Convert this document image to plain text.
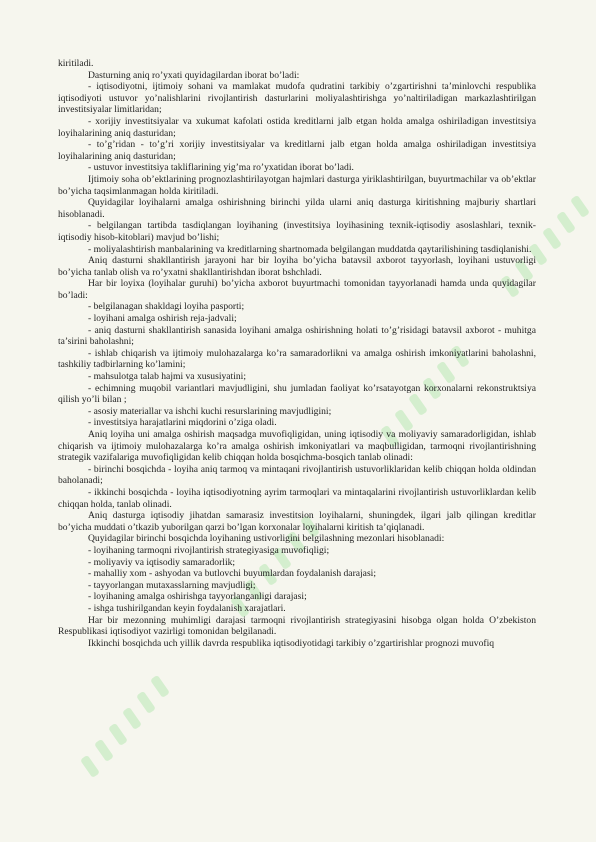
kiritiladi.

Dasturning aniq ro’yxati quyidagilardan iborat bo’ladi:

- iqtisodiyotni, ijtimoiy sohani va mamlakat mudofa qudratini tarkibiy o’zgartirishni ta’minlovchi respublika iqtisodiyoti ustuvor yo’nalishlarini rivojlantirish dasturlarini moliyalashtirishga yo’naltiriladigan markazlashtirilgan investitsiyalar limitlaridan;

- xorijiy investitsiyalar va xukumat kafolati ostida kreditlarni jalb etgan holda amalga oshiriladigan investitsiya loyihalarining aniq dasturidan;

- to’g’ridan - to’g’ri xorijiy investitsiyalar va kreditlarni jalb etgan holda amalga oshiriladigan investitsiya loyihalarining aniq dasturidan;

- ustuvor investitsiya takliflarining yig’ma ro’yxatidan iborat bo’ladi.

Ijtimoiy soha ob’ektlarining prognozlashtirilayotgan hajmlari dasturga yiriklashtirilgan, buyurtmachilar va ob’ektlar bo’yicha taqsimlanmagan holda kiritiladi.

Quyidagilar loyihalarni amalga oshirishning birinchi yilda ularni aniq dasturga kiritishning majburiy shartlari hisoblanadi.

- belgilangan tartibda tasdiqlangan loyihaning (investitsiya loyihasining texnik-iqtisodiy asoslashlari, texnik-iqtisodiy hisob-kitoblari) mavjud bo’lishi;

- moliyalashtirish manbalarining va kreditlarning shartnomada belgilangan muddatda qaytarilishining tasdiqlanishi.

Aniq dasturni shakllantirish jarayoni har bir loyiha bo’yicha batavsil axborot tayyorlash, loyihani ustuvorligi bo’yicha tanlab olish va ro’yxatni shakllantirishdan iborat bshchladi.

Har bir loyixa (loyihalar guruhi) bo’yicha axborot buyurtmachi tomonidan tayyorlanadi hamda unda quyidagilar bo’ladi:

- belgilanagan shakldagi loyiha pasporti;

- loyihani amalga oshirish reja-jadvali;

- aniq dasturni shakllantirish sanasida loyihani amalga oshirishning holati to’g’risidagi batavsil axborot - muhitga ta’sirini baholashni;

- ishlab chiqarish va ijtimoiy mulohazalarga ko’ra samaradorlikni va amalga oshirish imkoniyatlarini baholashni, tashkiliy tadbirlarning ko’lamini;

- mahsulotga talab hajmi va xususiyatini;

- echimning muqobil variantlari mavjudligini, shu jumladan faoliyat ko’rsatayotgan korxonalarni rekonstruktsiya qilish yo’li bilan ;

- asosiy materiallar va ishchi kuchi resurslarining mavjudligini;

- investitsiya harajatlarini miqdorini o’ziga oladi.

Aniq loyiha uni amalga oshirish maqsadga muvofiqligidan, uning iqtisodiy va moliyaviy samaradorligidan, ishlab chiqarish va ijtimoiy mulohazalarga ko’ra amalga oshirish imkoniyatlari va maqbulligidan, tarmoqni rivojlantirishning strategik vazifalariga muvofiqligidan kelib chiqqan holda bosqichma-bosqich tanlab olinadi:

- birinchi bosqichda - loyiha aniq tarmoq va mintaqani rivojlantirish ustuvorliklaridan kelib chiqqan holda oldindan baholanadi;

- ikkinchi bosqichda - loyiha iqtisodiyotning ayrim tarmoqlari va mintaqalarini rivojlantirish ustuvorliklardan kelib chiqqan holda, tanlab olinadi.

Aniq dasturga iqtisodiy jihatdan samarasiz investitsion loyihalarni, shuningdek, ilgari jalb qilingan kreditlar bo’yicha muddati o’tkazib yuborilgan qarzi bo’lgan korxonalar loyihalarni kiritish ta’qiqlanadi.

Quyidagilar birinchi bosqichda loyihaning ustivorligini belgilashning mezonlari hisoblanadi:

- loyihaning tarmoqni rivojlantirish strategiyasiga muvofiqligi;

- moliyaviy va iqtisodiy samaradorlik;

- mahalliy xom - ashyodan va butlovchi buyumlardan foydalanish darajasi;

- tayyorlangan mutaxasslarning mavjudligi;

- loyihaning amalga oshirishga tayyorlanganligi darajasi;

- ishga tushirilgandan keyin foydalanish xarajatlari.

Har bir mezonning muhimligi darajasi tarmoqni rivojlantirish strategiyasini hisobga olgan holda O’zbekiston Respublikasi iqtisodiyot vazirligi tomonidan belgilanadi.

Ikkinchi bosqichda uch yillik davrda respublika iqtisodiyotidagi tarkibiy o’zgartirishlar prognozi muvofiq
